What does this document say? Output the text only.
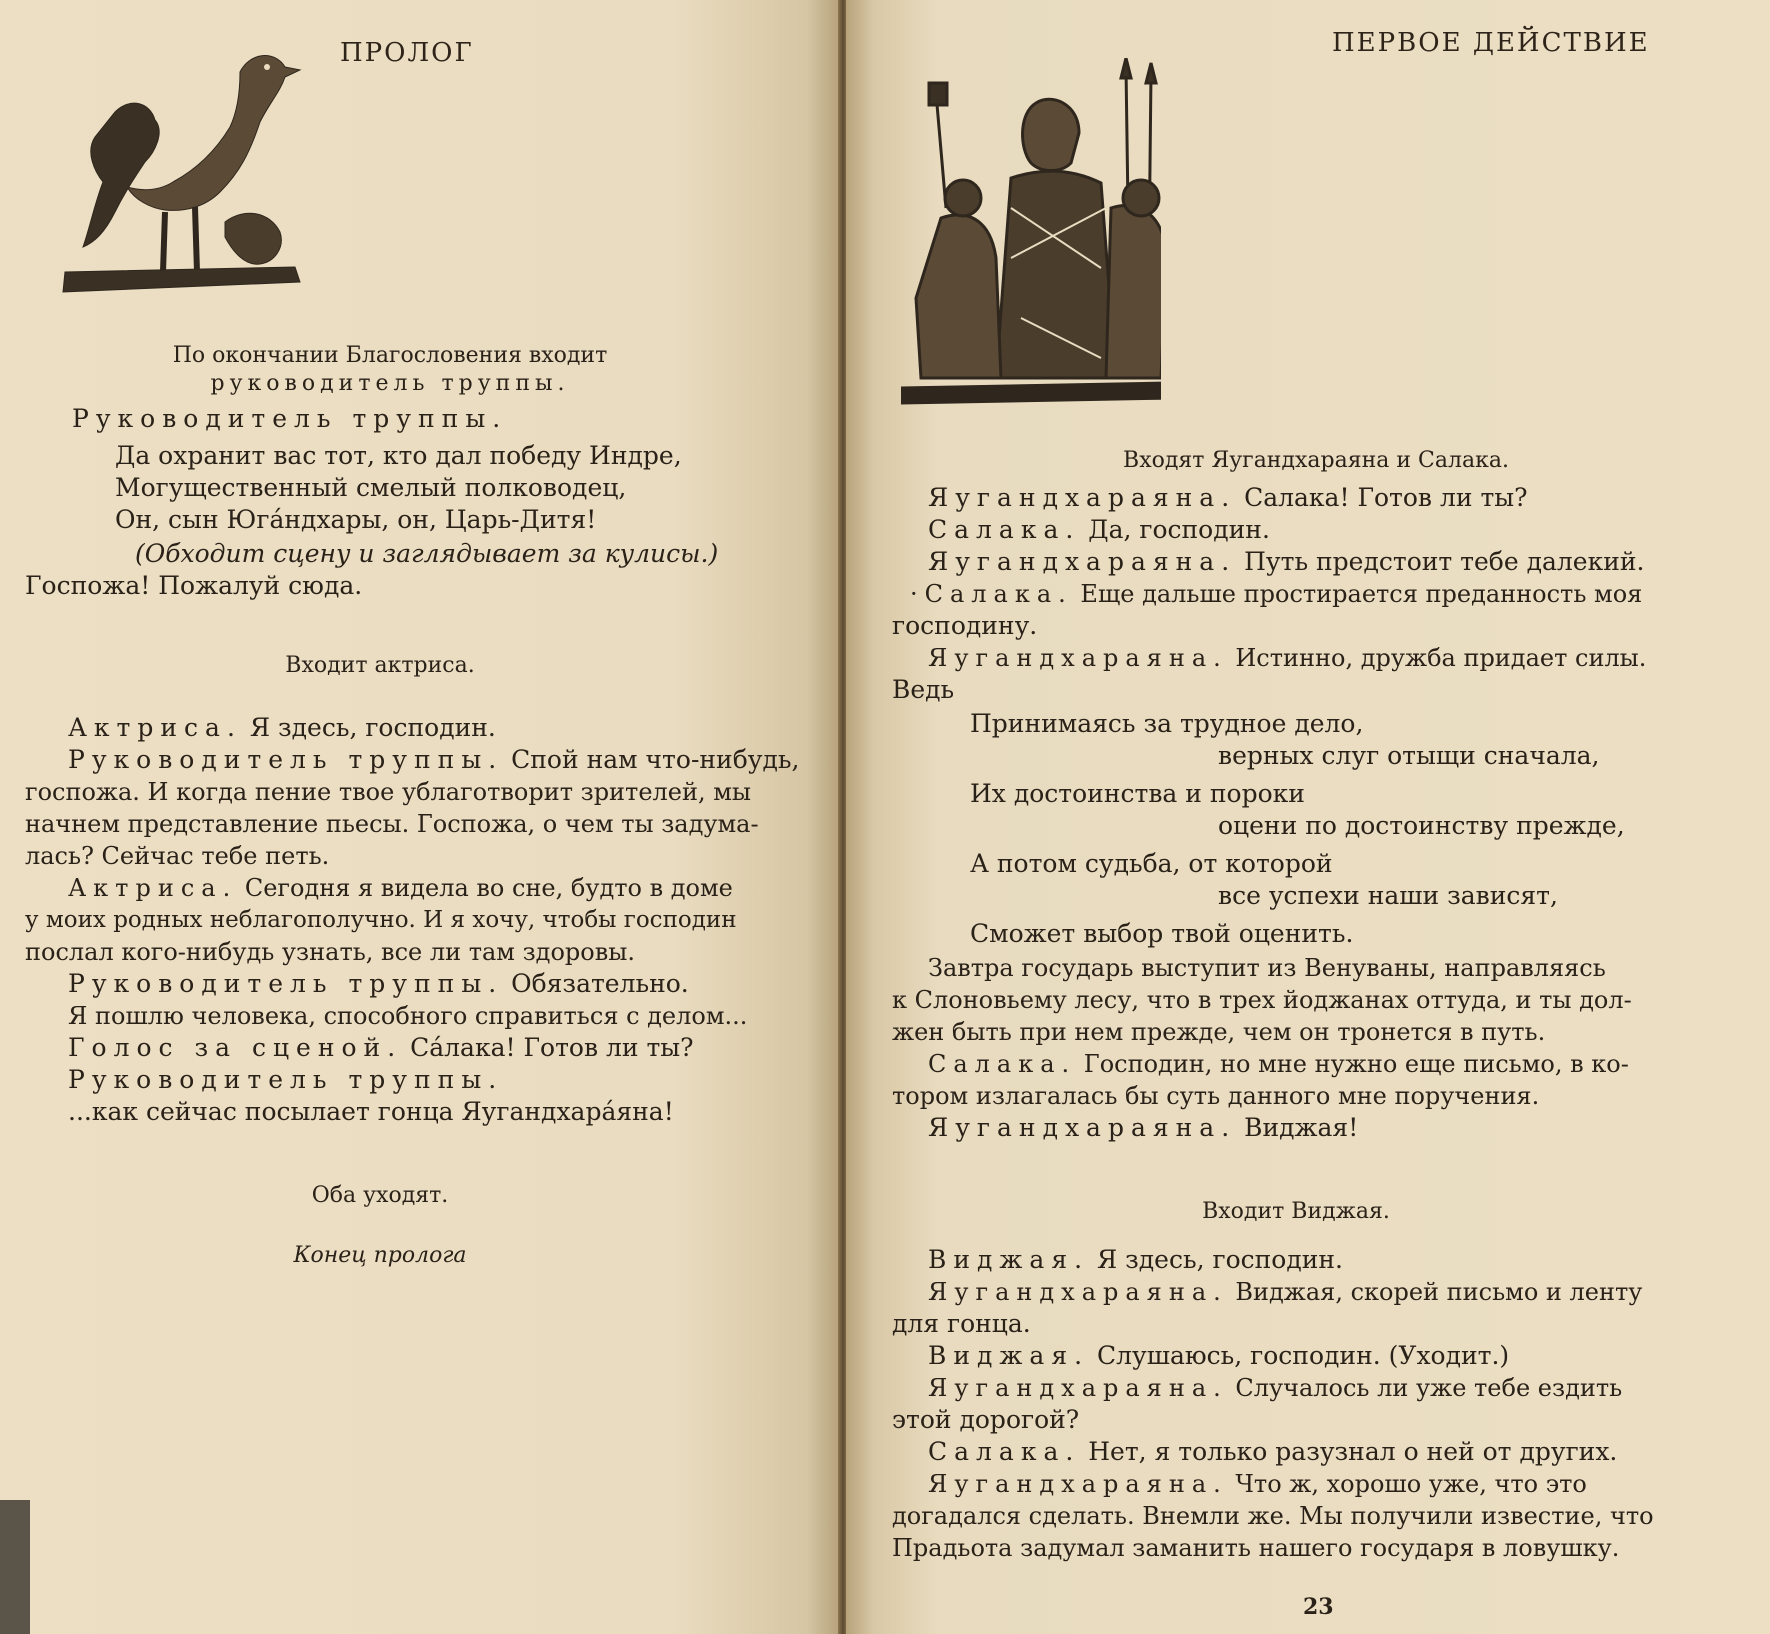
ПРОЛОГ
По окончании Благословения входит
руководитель труппы.
Руководитель труппы.
Да охранит вас тот, кто дал победу Индре,
Могущественный смелый полководец,
Он, сын Юга́ндхары, он, Царь-Дитя!
(Обходит сцену и заглядывает за кулисы.)
Госпожа! Пожалуй сюда.
Входит актриса.
Актриса. Я здесь, господин.
Руководитель труппы. Спой нам что-нибудь,
госпожа. И когда пение твое ублаготворит зрителей, мы
начнем представление пьесы. Госпожа, о чем ты задума-
лась? Сейчас тебе петь.
Актриса. Сегодня я видела во сне, будто в доме
у моих родных неблагополучно. И я хочу, чтобы господин
послал кого-нибудь узнать, все ли там здоровы.
Руководитель труппы. Обязательно.
Я пошлю человека, способного справиться с делом...
Голос за сценой. Са́лака! Готов ли ты?
Руководитель труппы.
...как сейчас посылает гонца Яугандхара́яна!
Оба уходят.
Конец пролога
ПЕРВОЕ ДЕЙСТВИЕ
Входят Яугандхараяна и Салака.
Яугандхараяна. Салака! Готов ли ты?
Салака. Да, господин.
Яугандхараяна. Путь предстоит тебе далекий.
·Салака. Еще дальше простирается преданность моя
господину.
Яугандхараяна. Истинно, дружба придает силы.
Ведь
Принимаясь за трудное дело,
верных слуг отыщи сначала,
Их достоинства и пороки
оцени по достоинству прежде,
А потом судьба, от которой
все успехи наши зависят,
Сможет выбор твой оценить.
Завтра государь выступит из Венуваны, направляясь
к Слоновьему лесу, что в трех йоджанах оттуда, и ты дол-
жен быть при нем прежде, чем он тронется в путь.
Салака. Господин, но мне нужно еще письмо, в ко-
тором излагалась бы суть данного мне поручения.
Яугандхараяна. Виджая!
Входит Виджая.
Виджая. Я здесь, господин.
Яугандхараяна. Виджая, скорей письмо и ленту
для гонца.
Виджая. Слушаюсь, господин. (Уходит.)
Яугандхараяна. Случалось ли уже тебе ездить
этой дорогой?
Салака. Нет, я только разузнал о ней от других.
Яугандхараяна. Что ж, хорошо уже, что это
догадался сделать. Внемли же. Мы получили известие, что
Прадьота задумал заманить нашего государя в ловушку.
23
